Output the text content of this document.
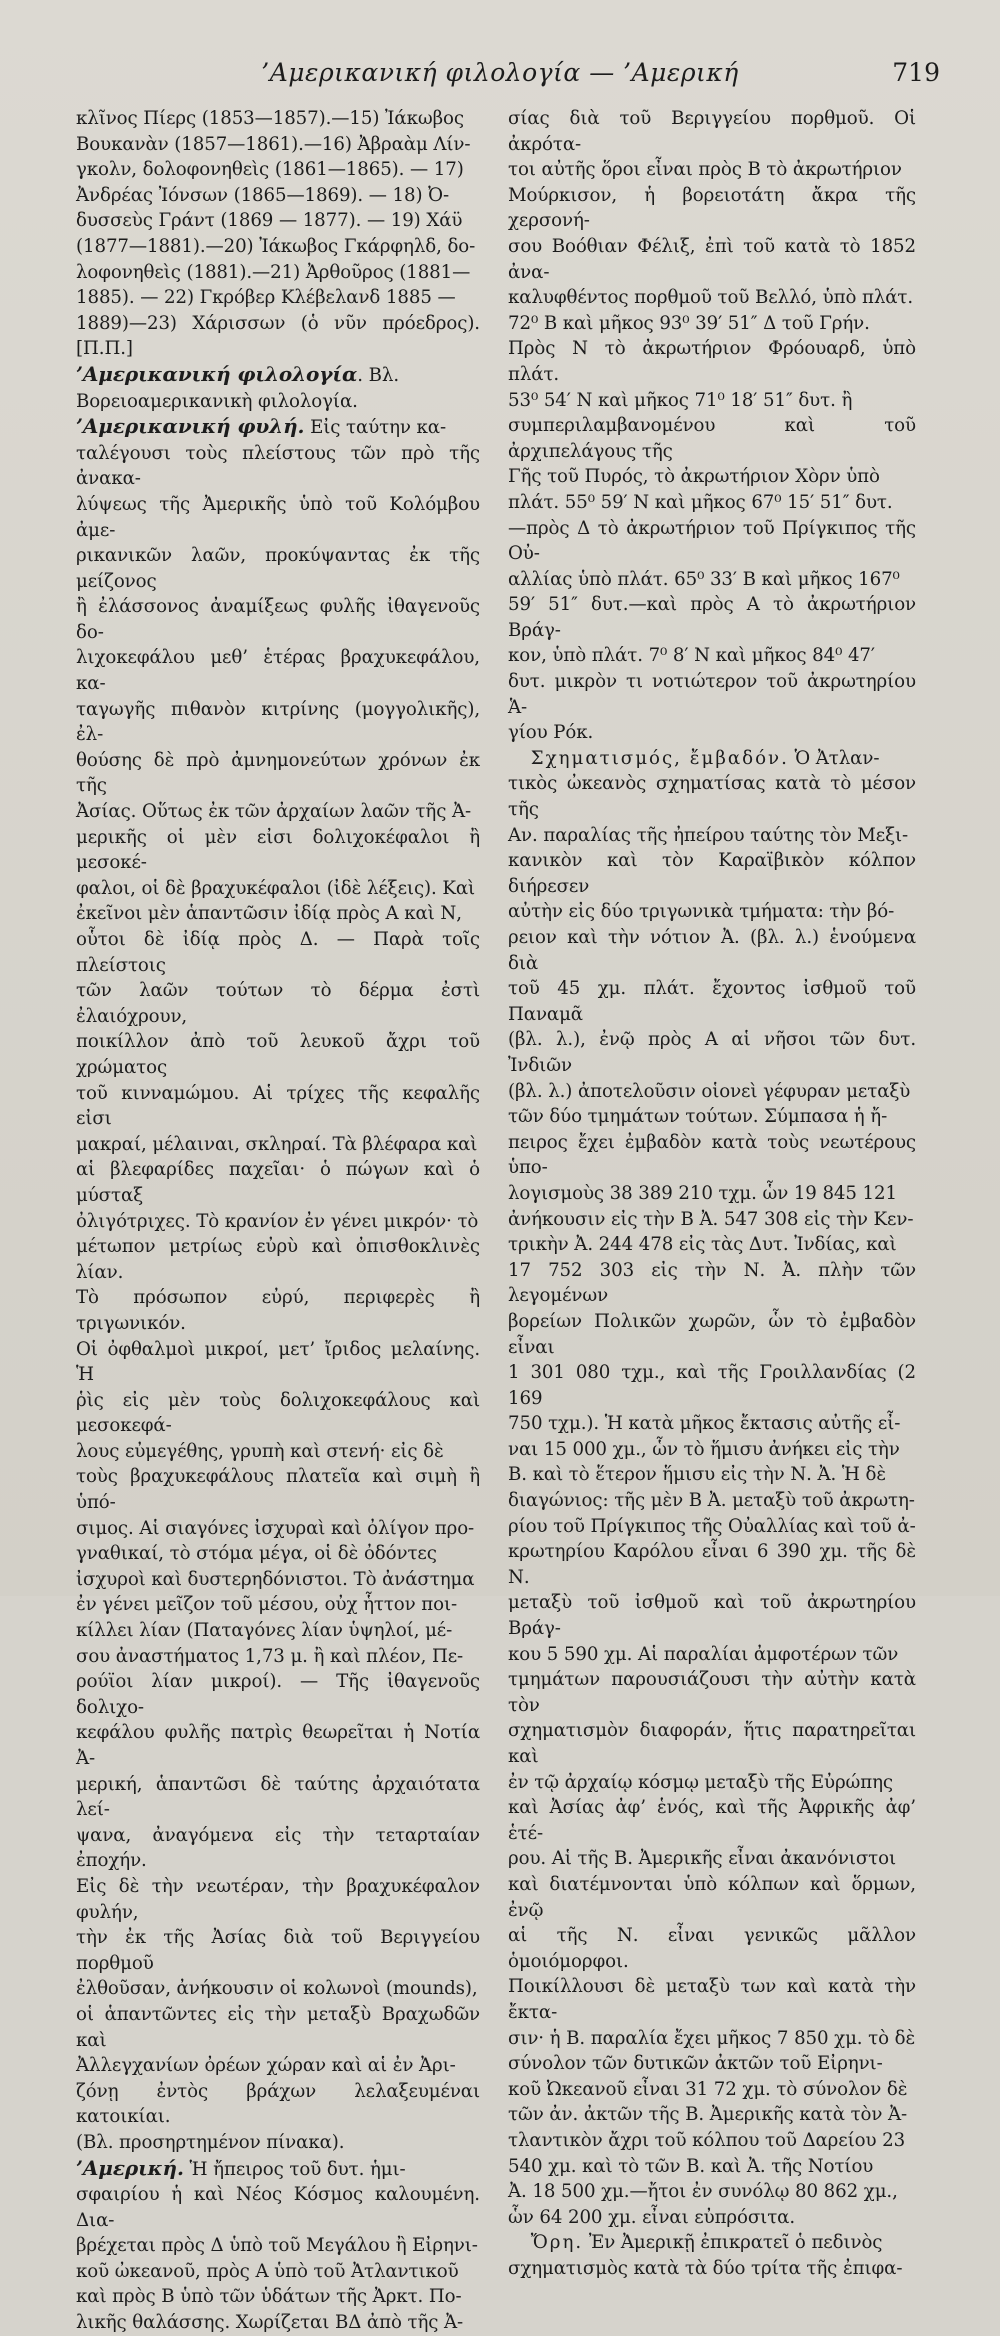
’Αμερικανική φιλολογία — ’Αμερική	719

κλῖνος Πίερς (1853—1857).—15) Ἰάκωβος
Βουκανὰν (1857—1861).—16) Ἀβραὰμ Λίν-
γκολν, δολοφονηθεὶς (1861—1865). — 17)
Ἀνδρέας Ἰόνσων (1865—1869). — 18) Ὀ-
δυσσεὺς Γράντ (1869 — 1877). — 19) Χάϋ
(1877—1881).—20) Ἰάκωβος Γκάρφηλδ, δο-
λοφονηθεὶς (1881).—21) Ἀρθοῦρος (1881—
1885). — 22) Γκρόβερ Κλέβελανδ 1885 —
1889)—23) Χάρισσων (ὁ νῦν πρόεδρος). [Π.Π.]

’Αμερικανική φιλολογία. Βλ.
Βορειοαμερικανικὴ φιλολογία.

’Αμερικανική φυλή. Εἰς ταύτην κα-
ταλέγουσι τοὺς πλείστους τῶν πρὸ τῆς ἀνακα-
λύψεως τῆς Ἀμερικῆς ὑπὸ τοῦ Κολόμβου ἀμε-
ρικανικῶν λαῶν, προκύψαντας ἐκ τῆς μείζονος
ἢ ἐλάσσονος ἀναμίξεως φυλῆς ἰθαγενοῦς δο-
λιχοκεφάλου μεθ’ ἑτέρας βραχυκεφάλου, κα-
ταγωγῆς πιθανὸν κιτρίνης (μογγολικῆς), ἐλ-
θούσης δὲ πρὸ ἀμνημονεύτων χρόνων ἐκ τῆς
Ἀσίας. Οὕτως ἐκ τῶν ἀρχαίων λαῶν τῆς Ἀ-
μερικῆς οἱ μὲν εἰσι δολιχοκέφαλοι ἢ μεσοκέ-
φαλοι, οἱ δὲ βραχυκέφαλοι (ἰδὲ λέξεις). Καὶ
ἐκεῖνοι μὲν ἁπαντῶσιν ἰδίᾳ πρὸς Α καὶ Ν,
οὗτοι δὲ ἰδίᾳ πρὸς Δ. — Παρὰ τοῖς πλείστοις
τῶν λαῶν τούτων τὸ δέρμα ἐστὶ ἐλαιόχρουν,
ποικίλλον ἀπὸ τοῦ λευκοῦ ἄχρι τοῦ χρώματος
τοῦ κινναμώμου. Αἱ τρίχες τῆς κεφαλῆς εἰσι
μακραί, μέλαιναι, σκληραί. Τὰ βλέφαρα καὶ
αἱ βλεφαρίδες παχεῖαι· ὁ πώγων καὶ ὁ μύσταξ
ὀλιγότριχες. Τὸ κρανίον ἐν γένει μικρόν· τὸ
μέτωπον μετρίως εὐρὺ καὶ ὀπισθοκλινὲς λίαν.
Τὸ πρόσωπον εὐρύ, περιφερὲς ἢ τριγωνικόν.
Οἱ ὀφθαλμοὶ μικροί, μετ’ ἴριδος μελαίνης. Ἡ
ῥὶς εἰς μὲν τοὺς δολιχοκεφάλους καὶ μεσοκεφά-
λους εὐμεγέθης, γρυπὴ καὶ στενή· εἰς δὲ
τοὺς βραχυκεφάλους πλατεῖα καὶ σιμὴ ἢ ὑπό-
σιμος. Αἱ σιαγόνες ἰσχυραὶ καὶ ὀλίγον προ-
γναθικαί, τὸ στόμα μέγα, οἱ δὲ ὀδόντες
ἰσχυροὶ καὶ δυστερηδόνιστοι. Τὸ ἀνάστημα
ἐν γένει μεῖζον τοῦ μέσου, οὐχ ἧττον ποι-
κίλλει λίαν (Παταγόνες λίαν ὑψηλοί, μέ-
σου ἀναστήματος 1,73 μ. ἢ καὶ πλέον, Πε-
ρούϊοι λίαν μικροί). — Τῆς ἰθαγενοῦς δολιχο-
κεφάλου φυλῆς πατρὶς θεωρεῖται ἡ Νοτία Ἀ-
μερική, ἁπαντῶσι δὲ ταύτης ἀρχαιότατα λεί-
ψανα, ἀναγόμενα εἰς τὴν τεταρταίαν ἐποχήν.
Εἰς δὲ τὴν νεωτέραν, τὴν βραχυκέφαλον φυλήν,
τὴν ἐκ τῆς Ἀσίας διὰ τοῦ Βεριγγείου πορθμοῦ
ἐλθοῦσαν, ἀνήκουσιν οἱ κολωνοὶ (mounds),
οἱ ἁπαντῶντες εἰς τὴν μεταξὺ Βραχωδῶν καὶ
Ἀλλεγχανίων ὀρέων χώραν καὶ αἱ ἐν Ἀρι-
ζόνῃ ἐντὸς βράχων λελαξευμέναι κατοικίαι.
(Βλ. προσηρτημένον πίνακα).

’Αμερική. Ἡ ἤπειρος τοῦ δυτ. ἡμι-
σφαιρίου ἡ καὶ Νέος Κόσμος καλουμένη. Δια-
βρέχεται πρὸς Δ ὑπὸ τοῦ Μεγάλου ἢ Εἰρηνι-
κοῦ ὠκεανοῦ, πρὸς Α ὑπὸ τοῦ Ἀτλαντικοῦ
καὶ πρὸς Β ὑπὸ τῶν ὑδάτων τῆς Ἀρκτ. Πο-
λικῆς θαλάσσης. Χωρίζεται ΒΔ ἀπὸ τῆς Ἀ-

σίας διὰ τοῦ Βεριγγείου πορθμοῦ. Οἱ ἀκρότα-
τοι αὐτῆς ὅροι εἶναι πρὸς Β τὸ ἀκρωτήριον
Μούρκισον, ἡ βορειοτάτη ἄκρα τῆς χερσονή-
σου Βοόθιαν Φέλιξ, ἐπὶ τοῦ κατὰ τὸ 1852 ἀνα-
καλυφθέντος πορθμοῦ τοῦ Βελλό, ὑπὸ πλάτ.
72⁰ Β καὶ μῆκος 93⁰ 39′ 51″ Δ τοῦ Γρήν.
Πρὸς Ν τὸ ἀκρωτήριον Φρόουαρδ, ὑπὸ πλάτ.
53⁰ 54′ Ν καὶ μῆκος 71⁰ 18′ 51″ δυτ. ἢ
συμπεριλαμβανομένου καὶ τοῦ ἀρχιπελάγους τῆς
Γῆς τοῦ Πυρός, τὸ ἀκρωτήριον Χὸρν ὑπὸ
πλάτ. 55⁰ 59′ Ν καὶ μῆκος 67⁰ 15′ 51″ δυτ.
—πρὸς Δ τὸ ἀκρωτήριον τοῦ Πρίγκιπος τῆς Οὐ-
αλλίας ὑπὸ πλάτ. 65⁰ 33′ Β καὶ μῆκος 167⁰
59′ 51″ δυτ.—καὶ πρὸς Α τὸ ἀκρωτήριον Βράγ-
κον, ὑπὸ πλάτ. 7⁰ 8′ Ν καὶ μῆκος 84⁰ 47′
δυτ. μικρὸν τι νοτιώτερον τοῦ ἀκρωτηρίου Ἁ-
γίου Ρόκ.

Σχηματισμός, ἔμβαδόν. Ὁ Ἀτλαν-
τικὸς ὠκεανὸς σχηματίσας κατὰ τὸ μέσον τῆς
Αν. παραλίας τῆς ἠπείρου ταύτης τὸν Μεξι-
κανικὸν καὶ τὸν Καραϊβικὸν κόλπον διήρεσεν
αὐτὴν εἰς δύο τριγωνικὰ τμήματα: τὴν βό-
ρειον καὶ τὴν νότιον Ἀ. (βλ. λ.) ἑνούμενα διὰ
τοῦ 45 χμ. πλάτ. ἔχοντος ἰσθμοῦ τοῦ Παναμᾶ
(βλ. λ.), ἐνῷ πρὸς Α αἱ νῆσοι τῶν δυτ. Ἰνδιῶν
(βλ. λ.) ἀποτελοῦσιν οἱονεὶ γέφυραν μεταξὺ
τῶν δύο τμημάτων τούτων. Σύμπασα ἡ ἤ-
πειρος ἔχει ἐμβαδὸν κατὰ τοὺς νεωτέρους ὑπο-
λογισμοὺς 38 389 210 τχμ. ὧν 19 845 121
ἀνήκουσιν εἰς τὴν Β Ἀ. 547 308 εἰς τὴν Κεν-
τρικὴν Ἀ. 244 478 εἰς τὰς Δυτ. Ἰνδίας, καὶ
17 752 303 εἰς τὴν Ν. Ἀ. πλὴν τῶν λεγομένων
βορείων Πολικῶν χωρῶν, ὧν τὸ ἐμβαδὸν εἶναι
1 301 080 τχμ., καὶ τῆς Γροιλλανδίας (2 169
750 τχμ.). Ἡ κατὰ μῆκος ἔκτασις αὐτῆς εἶ-
ναι 15 000 χμ., ὧν τὸ ἥμισυ ἀνήκει εἰς τὴν
Β. καὶ τὸ ἕτερον ἥμισυ εἰς τὴν Ν. Ἀ. Ἡ δὲ
διαγώνιος: τῆς μὲν Β Ἀ. μεταξὺ τοῦ ἀκρωτη-
ρίου τοῦ Πρίγκιπος τῆς Οὐαλλίας καὶ τοῦ ἀ-
κρωτηρίου Καρόλου εἶναι 6 390 χμ. τῆς δὲ Ν.
μεταξὺ τοῦ ἰσθμοῦ καὶ τοῦ ἀκρωτηρίου Βράγ-
κου 5 590 χμ. Αἱ παραλίαι ἀμφοτέρων τῶν
τμημάτων παρουσιάζουσι τὴν αὐτὴν κατὰ τὸν
σχηματισμὸν διαφοράν, ἥτις παρατηρεῖται καὶ
ἐν τῷ ἀρχαίῳ κόσμῳ μεταξὺ τῆς Εὐρώπης
καὶ Ἀσίας ἀφ’ ἑνός, καὶ τῆς Ἀφρικῆς ἀφ’ ἑτέ-
ρου. Αἱ τῆς Β. Ἀμερικῆς εἶναι ἀκανόνιστοι
καὶ διατέμνονται ὑπὸ κόλπων καὶ ὅρμων, ἐνῷ
αἱ τῆς Ν. εἶναι γενικῶς μᾶλλον ὁμοιόμορφοι.
Ποικίλλουσι δὲ μεταξὺ των καὶ κατὰ τὴν ἔκτα-
σιν· ἡ Β. παραλία ἔχει μῆκος 7 850 χμ. τὸ δὲ
σύνολον τῶν δυτικῶν ἀκτῶν τοῦ Εἰρηνι-
κοῦ Ὠκεανοῦ εἶναι 31 72 χμ. τὸ σύνολον δὲ
τῶν ἀν. ἀκτῶν τῆς Β. Ἀμερικῆς κατὰ τὸν Ἀ-
τλαντικὸν ἄχρι τοῦ κόλπου τοῦ Δαρείου 23
540 χμ. καὶ τὸ τῶν Β. καὶ Ἀ. τῆς Νοτίου
Ἀ. 18 500 χμ.—ἤτοι ἐν συνόλῳ 80 862 χμ.,
ὧν 64 200 χμ. εἶναι εὐπρόσιτα.

Ὄρη. Ἐν Ἀμερικῇ ἐπικρατεῖ ὁ πεδινὸς
σχηματισμὸς κατὰ τὰ δύο τρίτα τῆς ἐπιφα-
